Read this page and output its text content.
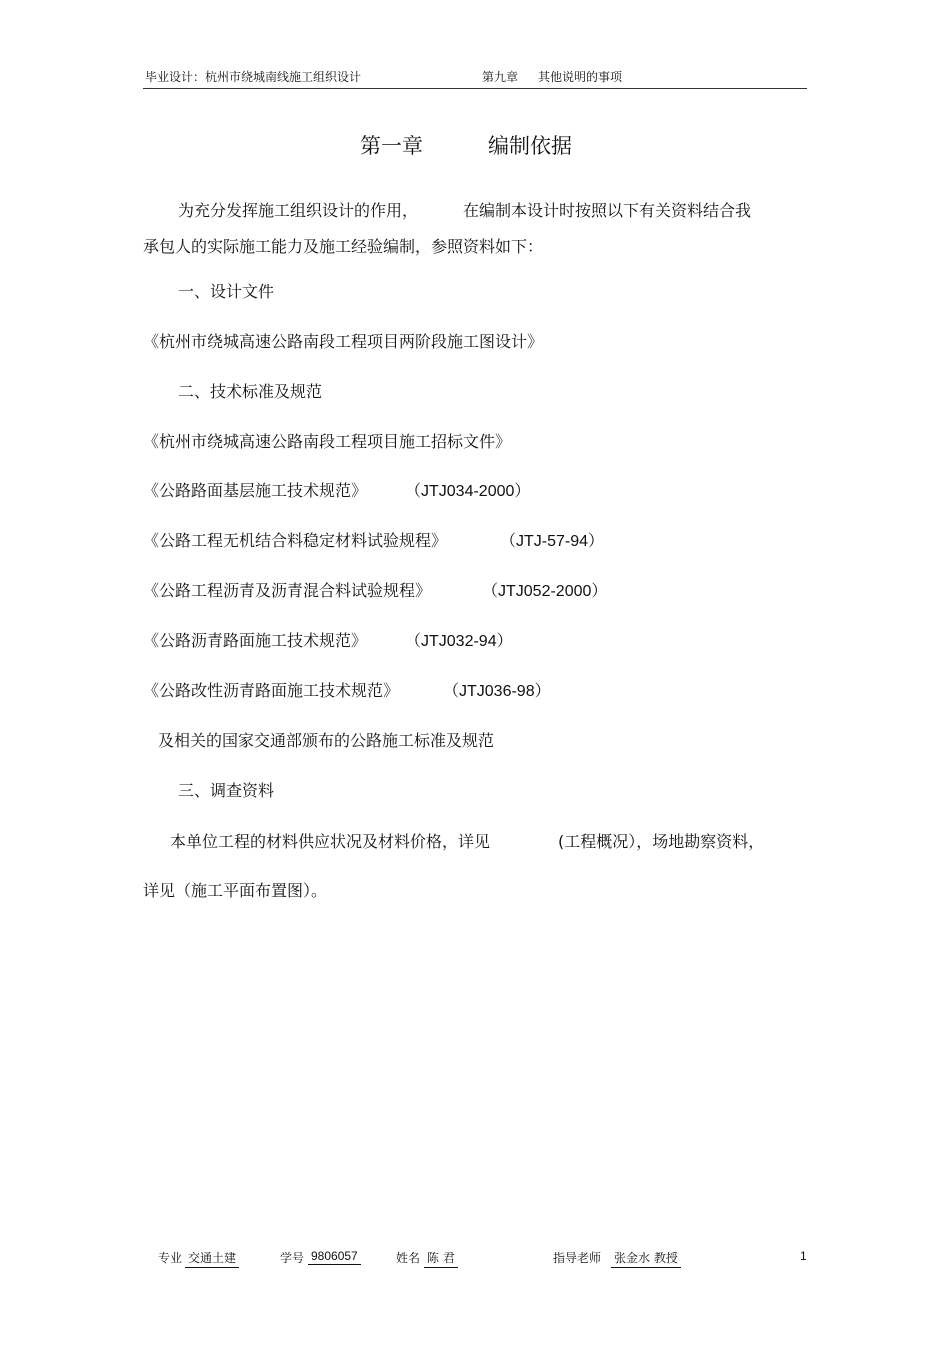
毕业设计：杭州市绕城南线施工组织设计	第九章 其他说明的事项
第一章	编制依据
为充分发挥施工组织设计的作用，	在编制本设计时按照以下有关资料结合我
承包人的实际施工能力及施工经验编制，参照资料如下：
一、设计文件
《杭州市绕城高速公路南段工程项目两阶段施工图设计》
二、技术标准及规范
《杭州市绕城高速公路南段工程项目施工招标文件》
《公路路面基层施工技术规范》 （JTJ034-2000）
《公路工程无机结合料稳定材料试验规程》	（JTJ-57-94）
《公路工程沥青及沥青混合料试验规程》	（JTJ052-2000）
《公路沥青路面施工技术规范》 （JTJ032-94）
《公路改性沥青路面施工技术规范》	（JTJ036-98）
及相关的国家交通部颁布的公路施工标准及规范
三、调查资料
本单位工程的材料供应状况及材料价格，详见	(工程概况），场地勘察资料，
详见（施工平面布置图）。
专业 交通土建	学号 9806057	姓名 陈 君	指导老师 张金水 教授	1
